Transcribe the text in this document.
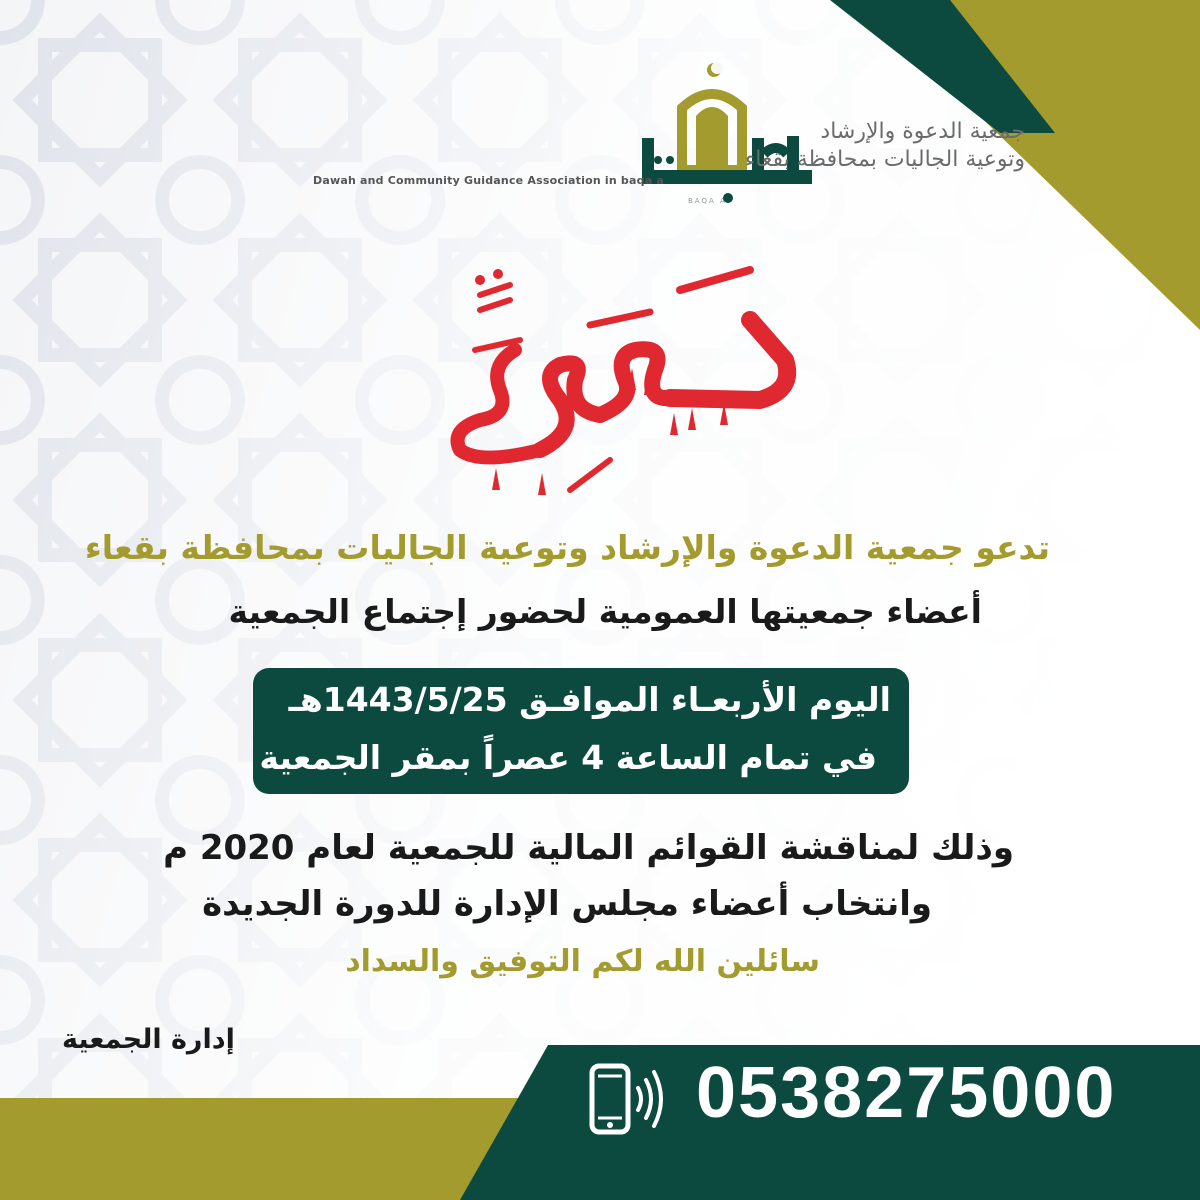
جمعية الدعوة والإرشاد
وتوعية الجاليات بمحافظة بقعاء
Dawah and Community Guidance Association in baqa a
BAQA A
تدعو جمعية الدعوة والإرشاد وتوعية الجاليات بمحافظة بقعاء
أعضاء جمعيتها العمومية لحضور إجتماع الجمعية
اليوم الأربعـاء الموافـق 1443/5/25هـ
في تمام الساعة 4 عصراً بمقر الجمعية
وذلك لمناقشة القوائم المالية للجمعية لعام 2020 م
وانتخاب أعضاء مجلس الإدارة للدورة الجديدة
سائلين الله لكم التوفيق والسداد
إدارة الجمعية
0538275000
